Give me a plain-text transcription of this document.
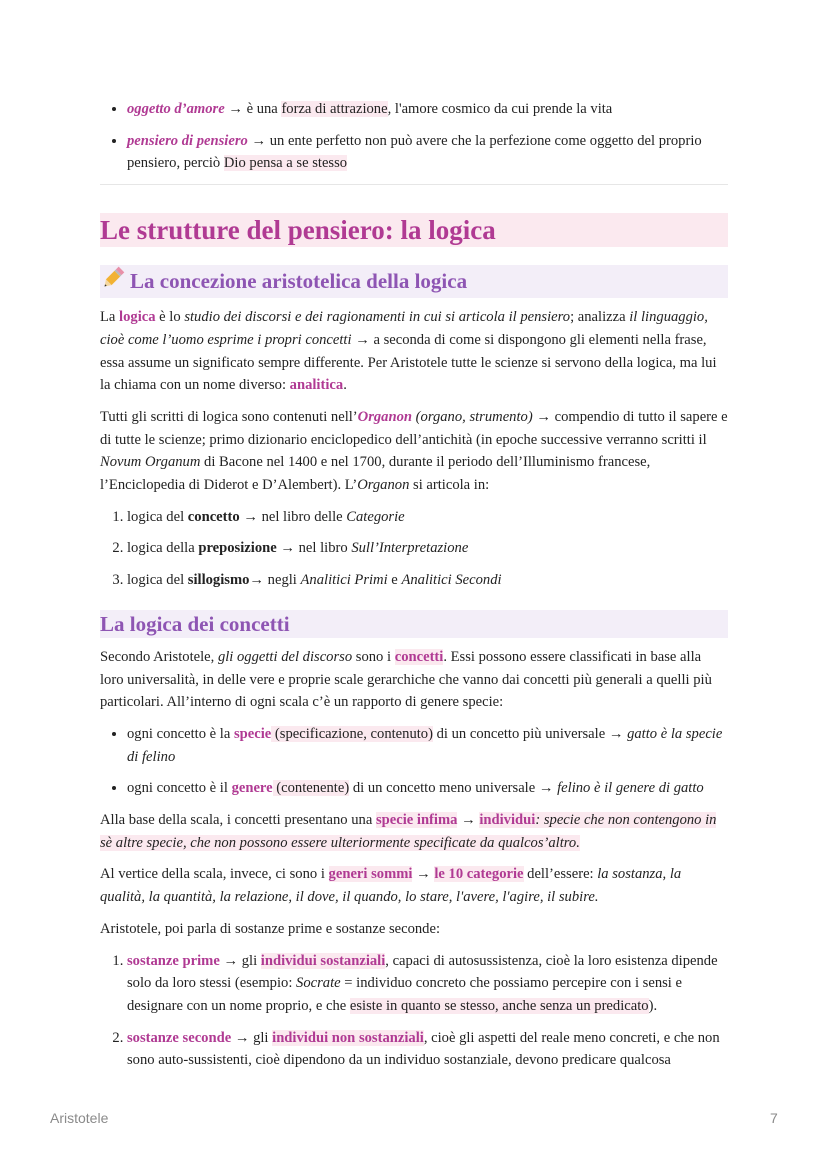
• oggetto d’amore → è una forza di attrazione, l'amore cosmico da cui prende la vita
• pensiero di pensiero → un ente perfetto non può avere che la perfezione come oggetto del proprio pensiero, perciò Dio pensa a se stesso
Le strutture del pensiero: la logica
La concezione aristotelica della logica

La logica è lo studio dei discorsi e dei ragionamenti in cui si articola il pensiero; analizza il linguaggio, cioè come l’uomo esprime i propri concetti → a seconda di come si dispongono gli elementi nella frase, essa assume un significato sempre differente. Per Aristotele tutte le scienze si servono della logica, ma lui la chiama con un nome diverso: analitica.

Tutti gli scritti di logica sono contenuti nell’Organon (organo, strumento) → compendio di tutto il sapere e di tutte le scienze; primo dizionario enciclopedico dell’antichità (in epoche successive verranno scritti il Novum Organum di Bacone nel 1400 e nel 1700, durante il periodo dell’Illuminismo francese, l’Enciclopedia di Diderot e D’Alembert). L’Organon si articola in:

1. logica del concetto → nel libro delle Categorie
2. logica della preposizione → nel libro Sull’Interpretazione
3. logica del sillogismo→ negli Analitici Primi e Analitici Secondi
La logica dei concetti

Secondo Aristotele, gli oggetti del discorso sono i concetti. Essi possono essere classificati in base alla loro universalità, in delle vere e proprie scale gerarchiche che vanno dai concetti più generali a quelli più particolari. All’interno di ogni scala c’è un rapporto di genere specie:

• ogni concetto è la specie (specificazione, contenuto) di un concetto più universale → gatto è la specie di felino
• ogni concetto è il genere (contenente) di un concetto meno universale → felino è il genere di gatto

Alla base della scala, i concetti presentano una specie infima → individui: specie che non contengono in sè altre specie, che non possono essere ulteriormente specificate da qualcos’altro.

Al vertice della scala, invece, ci sono i generi sommi → le 10 categorie dell’essere: la sostanza, la qualità, la quantità, la relazione, il dove, il quando, lo stare, l'avere, l'agire, il subire.

Aristotele, poi parla di sostanze prime e sostanze seconde:

1. sostanze prime → gli individui sostanziali, capaci di autosussistenza, cioè la loro esistenza dipende solo da loro stessi (esempio: Socrate = individuo concreto che possiamo percepire con i sensi e designare con un nome proprio, e che esiste in quanto se stesso, anche senza un predicato).
2. sostanze seconde → gli individui non sostanziali, cioè gli aspetti del reale meno concreti, e che non sono auto-sussistenti, cioè dipendono da un individuo sostanziale, devono predicare qualcosa
Aristotele	7
